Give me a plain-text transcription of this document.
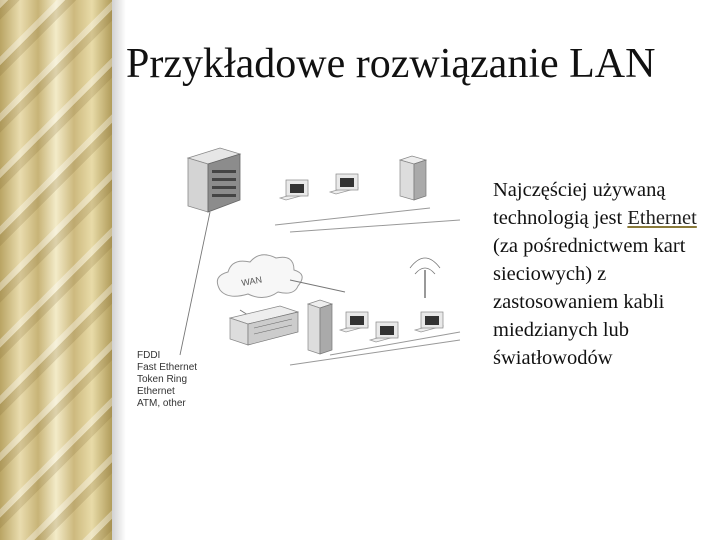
Przykładowe rozwiązanie LAN
WAN
FDDI
Fast Ethernet
Token Ring
Ethernet
ATM, other
Najczęściej używaną technologią jest Ethernet (za pośrednictwem kart sieciowych) z zastosowaniem kabli miedzianych lub światłowodów
